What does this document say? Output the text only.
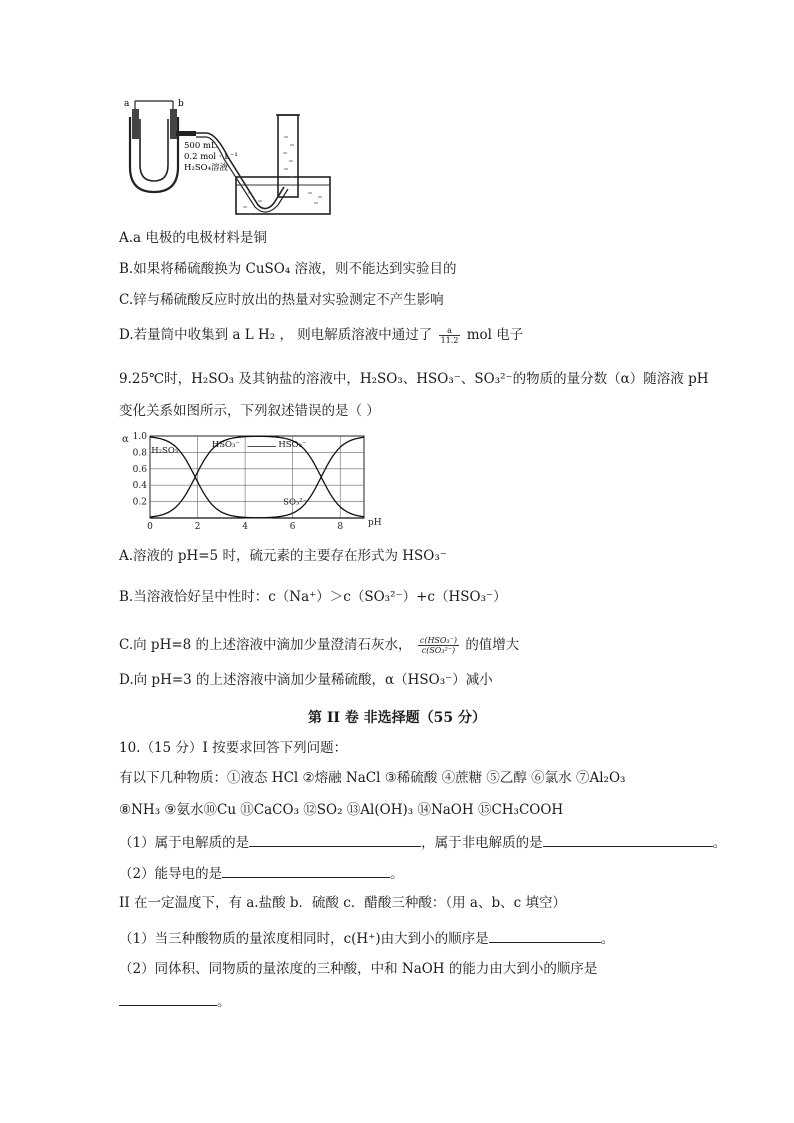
a	b
500 mL
0.2 mol · L⁻¹
H₂SO₄溶液
A.a 电极的电极材料是铜
B.如果将稀硫酸换为 CuSO₄ 溶液，则不能达到实验目的
C.锌与稀硫酸反应时放出的热量对实验测定不产生影响
D.若量筒中收集到 a L H₂ ， 则电解质溶液中通过了 $\frac{a}{11.2}$ mol 电子
9.25℃时，H₂SO₃ 及其钠盐的溶液中，H₂SO₃、HSO₃⁻、SO₃²⁻的物质的量分数（α）随溶液 pH
变化关系如图所示，下列叙述错误的是（ ）
1.0
0.8
0.6
0.4
0.2
0	2	4	6	8
α
pH
H₂SO₃
HSO₃⁻	HSO₃⁻
SO₃²⁻
A.溶液的 pH=5 时，硫元素的主要存在形式为 HSO₃⁻
B.当溶液恰好呈中性时：c（Na⁺）＞c（SO₃²⁻）+c（HSO₃⁻）
C.向 pH=8 的上述溶液中滴加少量澄清石灰水， $\frac{\text{c(HSO₃⁻)}}{\text{c(SO₃²⁻)}}$ 的值增大
D.向 pH=3 的上述溶液中滴加少量稀硫酸，α（HSO₃⁻）减小
第 II 卷 非选择题（55 分）
10.（15 分）I 按要求回答下列问题：
有以下几种物质：①液态 HCl ②熔融 NaCl ③稀硫酸 ④蔗糖 ⑤乙醇 ⑥氯水 ⑦Al₂O₃
⑧NH₃ ⑨氨水⑩Cu ⑪CaCO₃ ⑫SO₂ ⑬Al(OH)₃ ⑭NaOH ⑮CH₃COOH
（1）属于电解质的是	，属于非电解质的是	。
（2）能导电的是	。
II 在一定温度下，有 a.盐酸 b．硫酸 c．醋酸三种酸：（用 a、b、c 填空）
（1）当三种酸物质的量浓度相同时，c(H⁺)由大到小的顺序是	。
（2）同体积、同物质的量浓度的三种酸，中和 NaOH 的能力由大到小的顺序是
。
